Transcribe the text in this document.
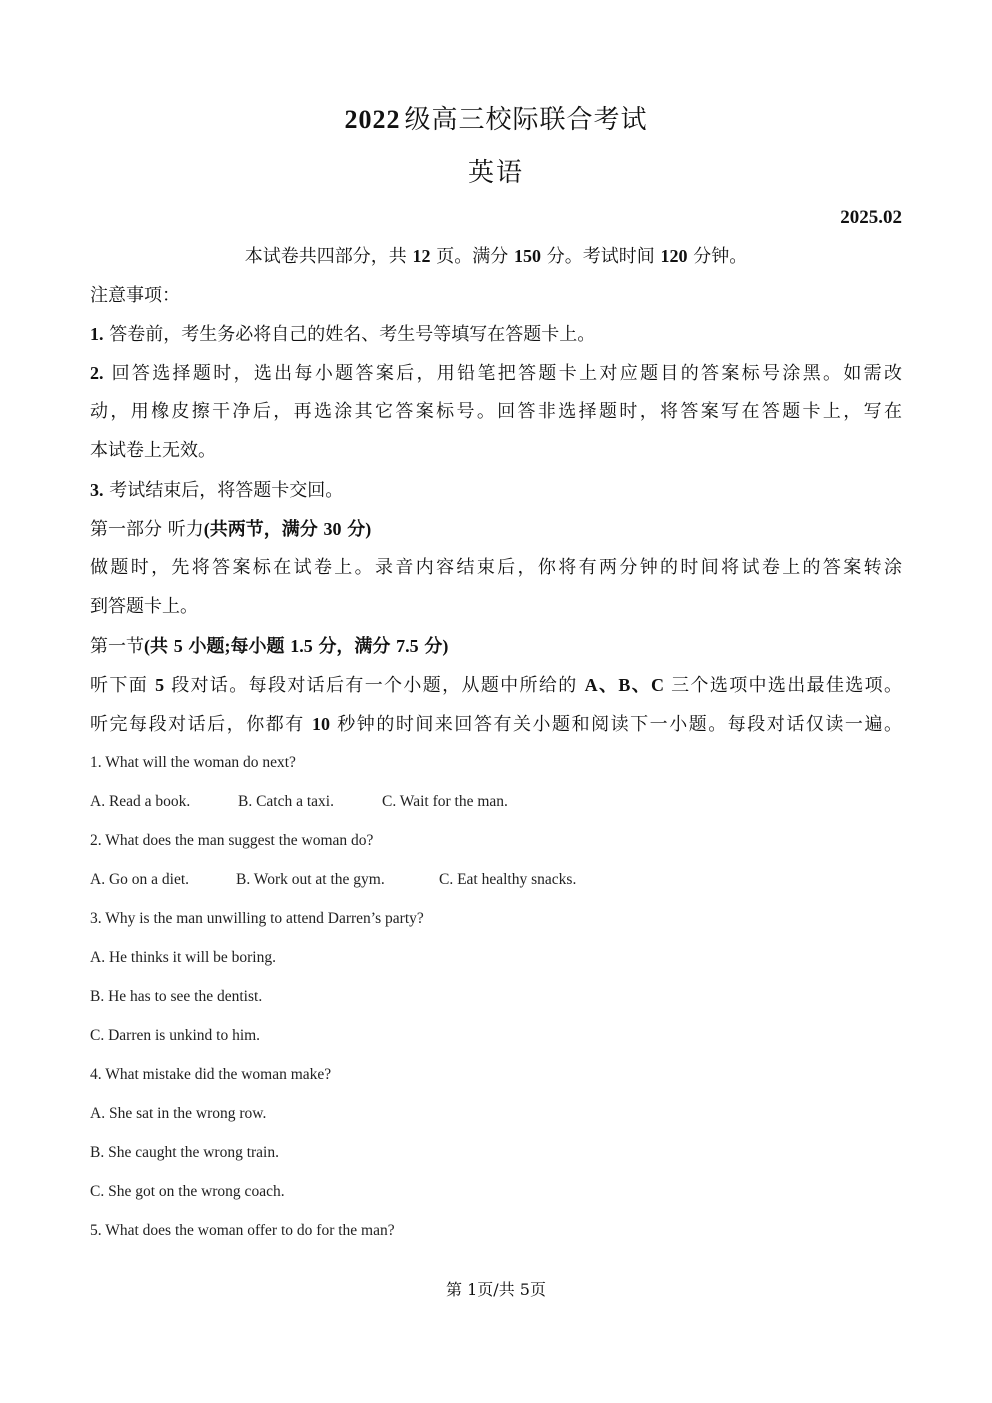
2022 级高三校际联合考试
英语
2025.02
本试卷共四部分，共 12 页。满分 150 分。考试时间 120 分钟。
注意事项：
1. 答卷前，考生务必将自己的姓名、考生号等填写在答题卡上。
2. 回答选择题时，选出每小题答案后，用铅笔把答题卡上对应题目的答案标号涂黑。如需改
动，用橡皮擦干净后，再选涂其它答案标号。回答非选择题时，将答案写在答题卡上，写在
本试卷上无效。
3. 考试结束后，将答题卡交回。
第一部分 听力(共两节，满分 30 分)
做题时，先将答案标在试卷上。录音内容结束后，你将有两分钟的时间将试卷上的答案转涂
到答题卡上。
第一节(共 5 小题;每小题 1.5 分，满分 7.5 分)
听下面 5 段对话。每段对话后有一个小题，从题中所给的 A、B、C 三个选项中选出最佳选项。
听完每段对话后，你都有 10 秒钟的时间来回答有关小题和阅读下一小题。每段对话仅读一遍。
1. What will the woman do next?
A. Read a book.	B. Catch a taxi.	C. Wait for the man.
2. What does the man suggest the woman do?
A. Go on a diet.	B. Work out at the gym.	C. Eat healthy snacks.
3. Why is the man unwilling to attend Darren’s party?
A. He thinks it will be boring.
B. He has to see the dentist.
C. Darren is unkind to him.
4. What mistake did the woman make?
A. She sat in the wrong row.
B. She caught the wrong train.
C. She got on the wrong coach.
5. What does the woman offer to do for the man?
第 1页/共 5页
